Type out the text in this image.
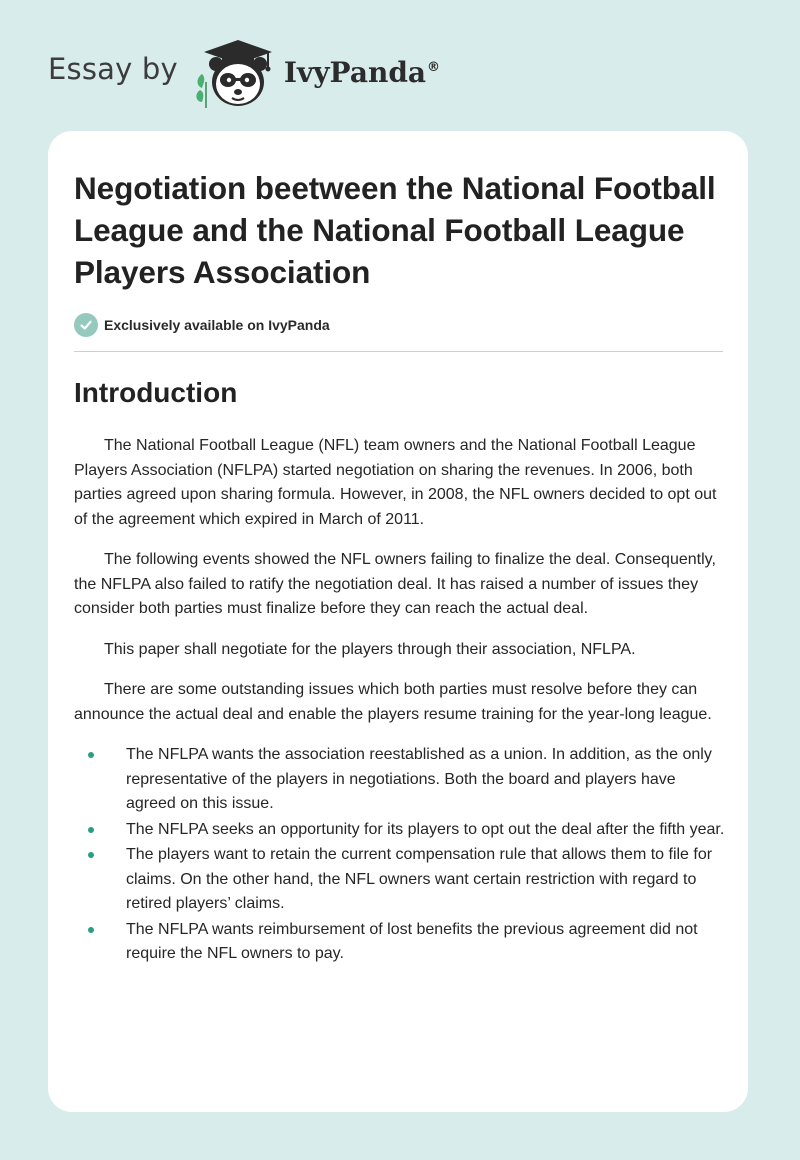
Essay by	IvyPanda®
Negotiation beetween the National Football League and the National Football League Players Association
Exclusively available on IvyPanda
Introduction

The National Football League (NFL) team owners and the National Football League Players Association (NFLPA) started negotiation on sharing the revenues. In 2006, both parties agreed upon sharing formula. However, in 2008, the NFL owners decided to opt out of the agreement which expired in March of 2011.

The following events showed the NFL owners failing to finalize the deal. Consequently, the NFLPA also failed to ratify the negotiation deal. It has raised a number of issues they consider both parties must finalize before they can reach the actual deal.

This paper shall negotiate for the players through their association, NFLPA.

There are some outstanding issues which both parties must resolve before they can announce the actual deal and enable the players resume training for the year-long league.

The NFLPA wants the association reestablished as a union. In addition, as the only representative of the players in negotiations. Both the board and players have agreed on this issue.
The NFLPA seeks an opportunity for its players to opt out the deal after the fifth year.
The players want to retain the current compensation rule that allows them to file for claims. On the other hand, the NFL owners want certain restriction with regard to retired players’ claims.
The NFLPA wants reimbursement of lost benefits the previous agreement did not require the NFL owners to pay.
